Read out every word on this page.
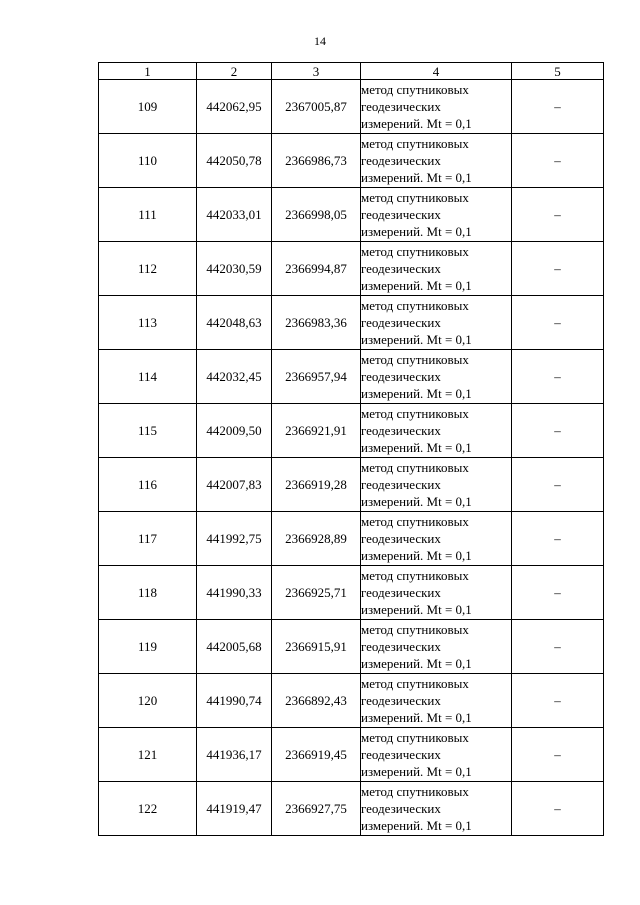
14
1	2	3	4	5
109	442062,95	2367005,87	метод спутниковых
геодезических
измерений. Mt = 0,1	–
110	442050,78	2366986,73	метод спутниковых
геодезических
измерений. Mt = 0,1	–
111	442033,01	2366998,05	метод спутниковых
геодезических
измерений. Mt = 0,1	–
112	442030,59	2366994,87	метод спутниковых
геодезических
измерений. Mt = 0,1	–
113	442048,63	2366983,36	метод спутниковых
геодезических
измерений. Mt = 0,1	–
114	442032,45	2366957,94	метод спутниковых
геодезических
измерений. Mt = 0,1	–
115	442009,50	2366921,91	метод спутниковых
геодезических
измерений. Mt = 0,1	–
116	442007,83	2366919,28	метод спутниковых
геодезических
измерений. Mt = 0,1	–
117	441992,75	2366928,89	метод спутниковых
геодезических
измерений. Mt = 0,1	–
118	441990,33	2366925,71	метод спутниковых
геодезических
измерений. Mt = 0,1	–
119	442005,68	2366915,91	метод спутниковых
геодезических
измерений. Mt = 0,1	–
120	441990,74	2366892,43	метод спутниковых
геодезических
измерений. Mt = 0,1	–
121	441936,17	2366919,45	метод спутниковых
геодезических
измерений. Mt = 0,1	–
122	441919,47	2366927,75	метод спутниковых
геодезических
измерений. Mt = 0,1	–
